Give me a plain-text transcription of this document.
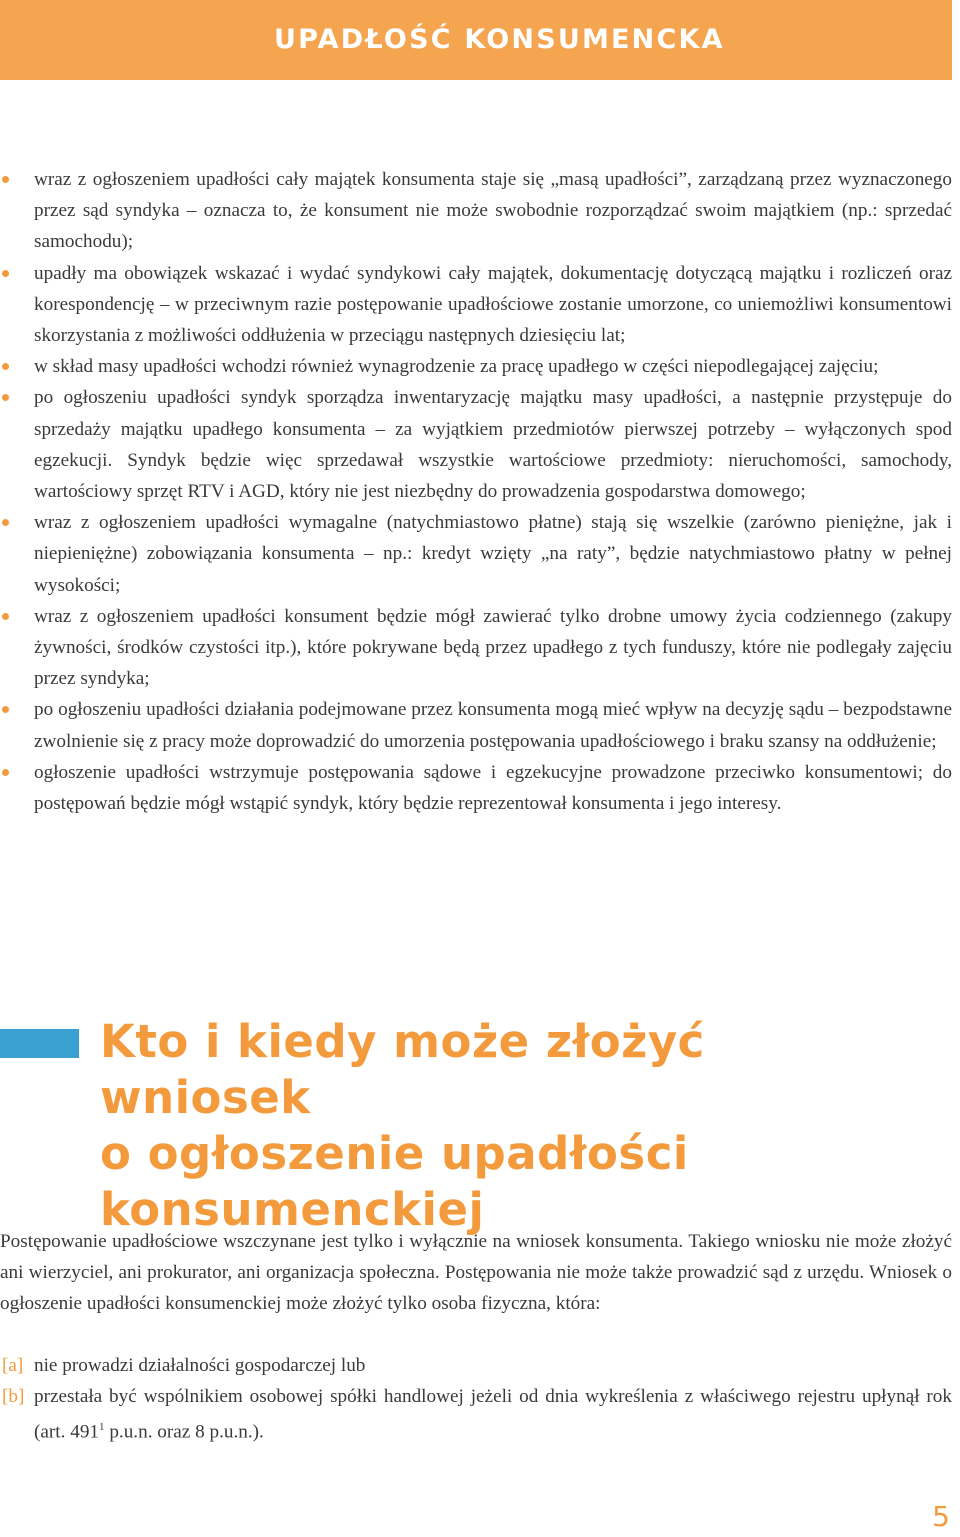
UPADŁOŚĆ KONSUMENCKA
wraz z ogłoszeniem upadłości cały majątek konsumenta staje się „masą upadłości”, zarządzaną przez wyznaczonego przez sąd syndyka – oznacza to, że konsument nie może swobodnie rozporządzać swoim majątkiem (np.: sprzedać samochodu);
upadły ma obowiązek wskazać i wydać syndykowi cały majątek, dokumentację dotyczącą majątku i rozliczeń oraz korespondencję – w przeciwnym razie postępowanie upadłościowe zostanie umorzone, co uniemożliwi konsumentowi skorzystania z możliwości oddłużenia w przeciągu następnych dziesięciu lat;
w skład masy upadłości wchodzi również wynagrodzenie za pracę upadłego w części niepodlegającej zajęciu;
po ogłoszeniu upadłości syndyk sporządza inwentaryzację majątku masy upadłości, a następnie przystępuje do sprzedaży majątku upadłego konsumenta – za wyjątkiem przedmiotów pierwszej potrzeby – wyłączonych spod egzekucji. Syndyk będzie więc sprzedawał wszystkie wartościowe przedmioty: nieruchomości, samochody, wartościowy sprzęt RTV i AGD, który nie jest niezbędny do prowadzenia gospodarstwa domowego;
wraz z ogłoszeniem upadłości wymagalne (natychmiastowo płatne) stają się wszelkie (zarówno pieniężne, jak i niepieniężne) zobowiązania konsumenta – np.: kredyt wzięty „na raty”, będzie natychmiastowo płatny w pełnej wysokości;
wraz z ogłoszeniem upadłości konsument będzie mógł zawierać tylko drobne umowy życia codziennego (zakupy żywności, środków czystości itp.), które pokrywane będą przez upadłego z tych funduszy, które nie podlegały zajęciu przez syndyka;
po ogłoszeniu upadłości działania podejmowane przez konsumenta mogą mieć wpływ na decyzję sądu – bezpodstawne zwolnienie się z pracy może doprowadzić do umorzenia postępowania upadłościowego i braku szansy na oddłużenie;
ogłoszenie upadłości wstrzymuje postępowania sądowe i egzekucyjne prowadzone przeciwko konsumentowi; do postępowań będzie mógł wstąpić syndyk, który będzie reprezentował konsumenta i jego interesy.
Kto i kiedy może złożyć wniosek
o ogłoszenie upadłości
konsumenckiej

Postępowanie upadłościowe wszczynane jest tylko i wyłącznie na wniosek konsumenta. Takiego wniosku nie może złożyć ani wierzyciel, ani prokurator, ani organizacja społeczna. Postępowania nie może także prowadzić sąd z urzędu. Wniosek o ogłoszenie upadłości konsumenckiej może złożyć tylko osoba fizyczna, która:

[a] nie prowadzi działalności gospodarczej lub
[b] przestała być wspólnikiem osobowej spółki handlowej jeżeli od dnia wykreślenia z właściwego rejestru upłynął rok (art. $491^1$ p.u.n. oraz 8 p.u.n.).
5
